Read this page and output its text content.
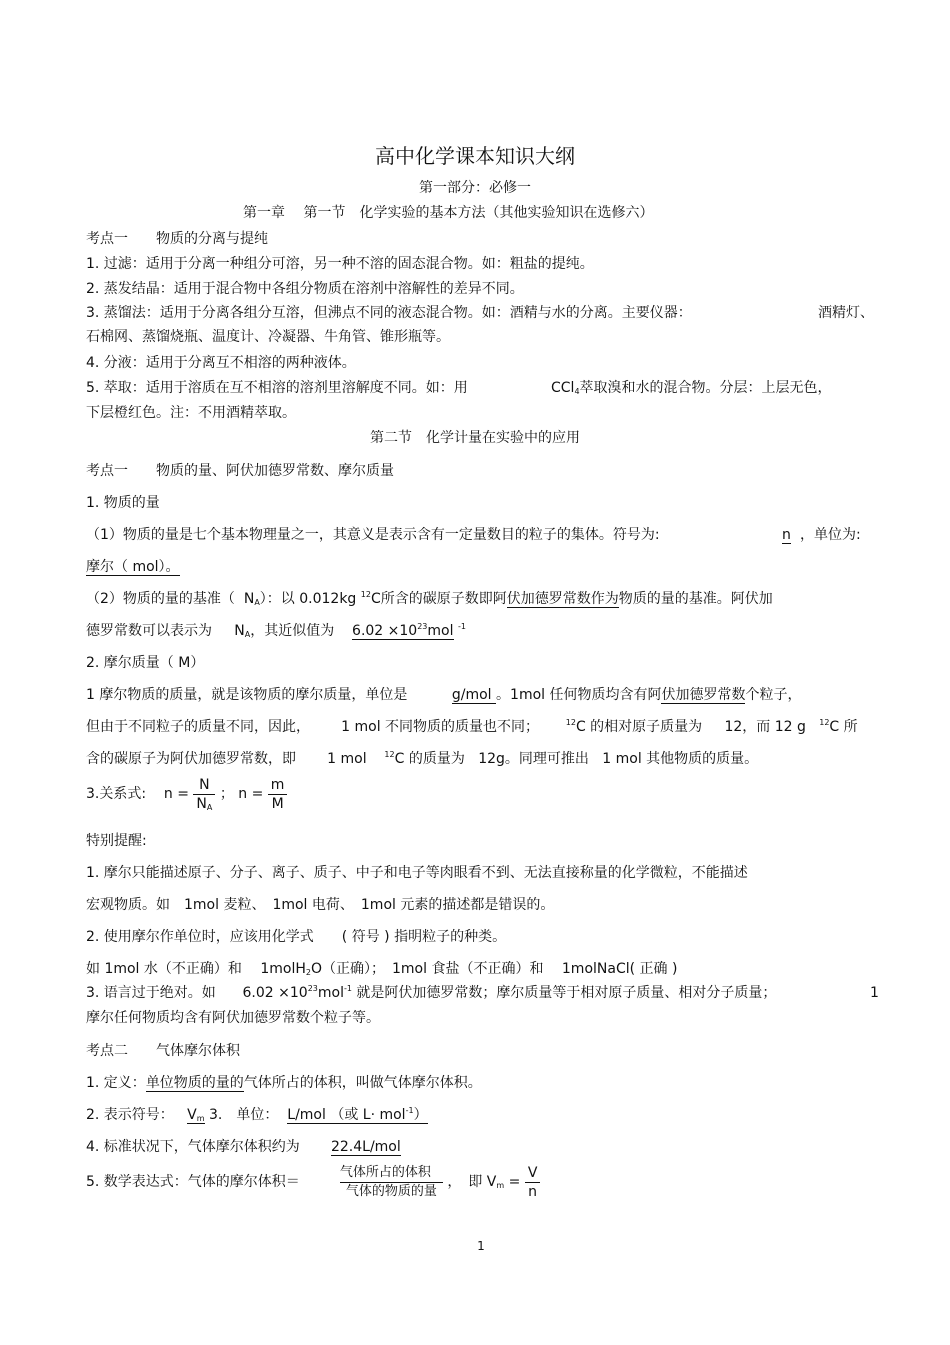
高中化学课本知识大纲
第一部分：必修一
第一章　 第一节　化学实验的基本方法（其他实验知识在选修六）
考点一　　物质的分离与提纯
1. 过滤：适用于分离一种组分可溶，另一种不溶的固态混合物。如：粗盐的提纯。
2. 蒸发结晶：适用于混合物中各组分物质在溶剂中溶解性的差异不同。
3. 蒸馏法：适用于分离各组分互溶，但沸点不同的液态混合物。如：酒精与水的分离。主要仪器：	酒精灯、
石棉网、蒸馏烧瓶、温度计、冷凝器、牛角管、锥形瓶等。
4. 分液：适用于分离互不相溶的两种液体。
5. 萃取：适用于溶质在互不相溶的溶剂里溶解度不同。如：用	CCl$_4$萃取溴和水的混合物。分层：上层无色，
下层橙红色。注：不用酒精萃取。
第二节　化学计量在实验中的应用
考点一　　物质的量、阿伏加德罗常数、摩尔质量
1. 物质的量
（1）物质的量是七个基本物理量之一，其意义是表示含有一定量数目的粒子的集体。符号为:	n ，单位为:
摩尔（ mol）。
（2）物质的量的基准（ $N_A$）：以 0.012kg $^{12}$C所含的碳原子数即阿伏加德罗常数作为物质的量的基准。阿伏加
德罗常数可以表示为 $N_A$，其近似值为 $6.02 \times 10^{23}mol$ $^{-1}$
2. 摩尔质量（ M）
1 摩尔物质的质量，就是该物质的摩尔质量，单位是	g/mol 。1mol 任何物质均含有阿伏加德罗常数个粒子，
但由于不同粒子的质量不同，因此， 1 mol 不同物质的质量也不同；	$^{12}$C 的相对原子质量为 12，而 12 g $^{12}$C 所
含的碳原子为阿伏加德罗常数，即 1 mol $^{12}$C 的质量为 12g。同理可推出 1 mol 其他物质的质量。
3.关系式: $n = \frac{N}{N_A}$ ； $n = \frac{m}{M}$
特别提醒:
1. 摩尔只能描述原子、分子、离子、质子、中子和电子等肉眼看不到、无法直接称量的化学微粒，不能描述
宏观物质。如　1mol 麦粒、　1mol 电荷、　1mol 元素的描述都是错误的。
2. 使用摩尔作单位时，应该用化学式　　( 符号 ) 指明粒子的种类。
如 1mol 水（不正确）和　 1molH$_2$O（正确）；　1mol 食盐（不正确）和　 1molNaCl( 正确 )
3. 语言过于绝对。如 $6.02 \times 10^{23}mol^{-1}$ 就是阿伏加德罗常数；摩尔质量等于相对原子质量、相对分子质量；	1
摩尔任何物质均含有阿伏加德罗常数个粒子等。
考点二　　气体摩尔体积
1. 定义：单位物质的量的气体所占的体积，叫做气体摩尔体积。
2. 表示符号： $V_m$ 3.　单位： L/mol （或 L· mol$^{-1}$）
4. 标准状况下，气体摩尔体积约为 22.4L/mol
5. 数学表达式：气体的摩尔体积＝	$\frac{\text{气体所占的体积}}{\text{气体的物质的量}}$ ，　即 $V_m = \frac{V}{n}$
1
